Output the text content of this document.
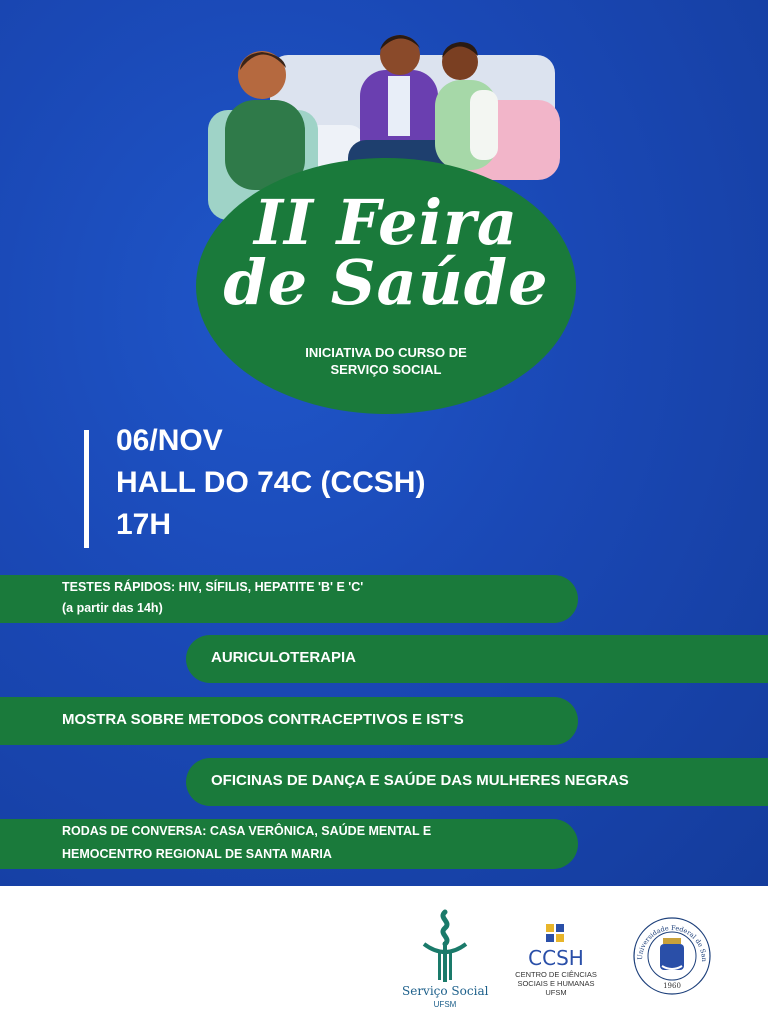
II Feira
de Saúde
INICIATIVA DO CURSO DE
SERVIÇO SOCIAL
06/NOV
HALL DO 74C (CCSH)
17H
TESTES RÁPIDOS: HIV, SÍFILIS, HEPATITE 'B' E 'C'
(a partir das 14h)
AURICULOTERAPIA
MOSTRA SOBRE METODOS CONTRACEPTIVOS E IST’S
OFICINAS DE DANÇA E SAÚDE DAS MULHERES NEGRAS
RODAS DE CONVERSA: CASA VERÔNICA, SAÚDE MENTAL E
HEMOCENTRO REGIONAL DE SANTA MARIA
Serviço Social
UFSM
CCSH
CENTRO DE CIÊNCIAS
SOCIAIS E HUMANAS
UFSM
Universidade Federal de San
1960
